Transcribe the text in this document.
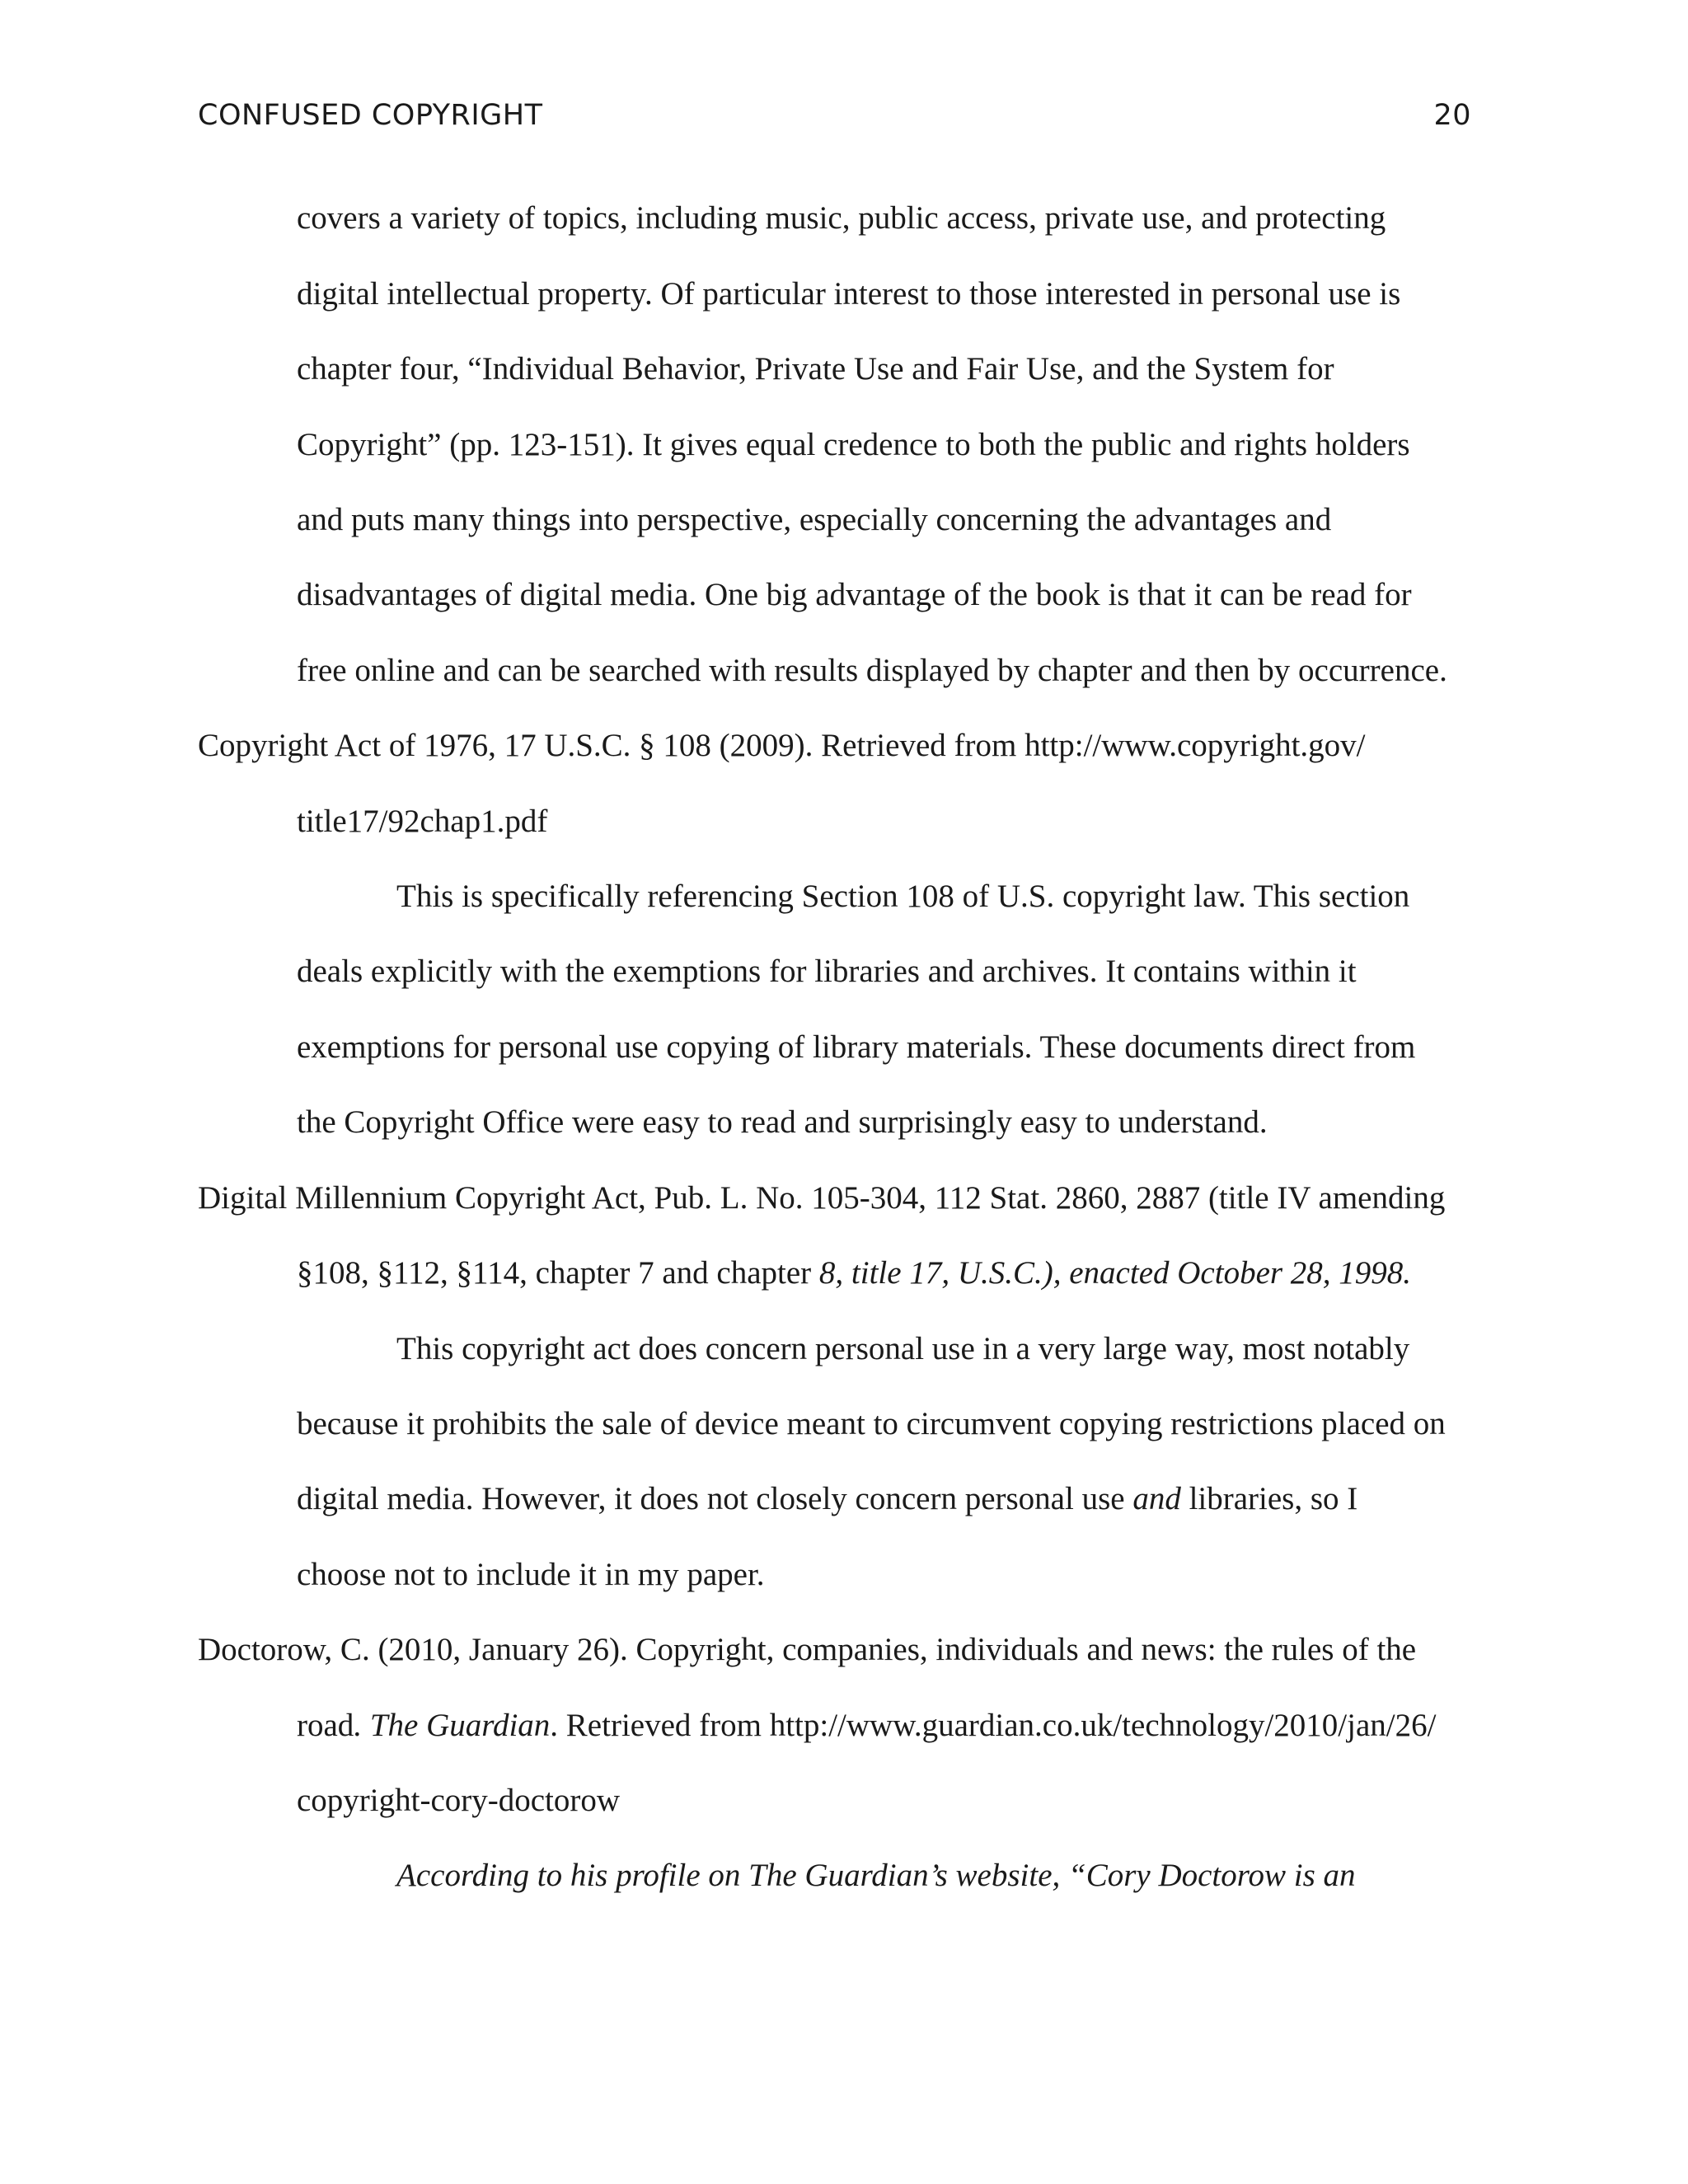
CONFUSED COPYRIGHT	20
covers a variety of topics, including music, public access, private use, and protecting
digital intellectual property. Of particular interest to those interested in personal use is
chapter four, “Individual Behavior, Private Use and Fair Use, and the System for
Copyright” (pp. 123-151). It gives equal credence to both the public and rights holders
and puts many things into perspective, especially concerning the advantages and
disadvantages of digital media. One big advantage of the book is that it can be read for
free online and can be searched with results displayed by chapter and then by occurrence.
Copyright Act of 1976, 17 U.S.C. § 108 (2009). Retrieved from http://www.copyright.gov/
title17/92chap1.pdf
This is specifically referencing Section 108 of U.S. copyright law. This section
deals explicitly with the exemptions for libraries and archives. It contains within it
exemptions for personal use copying of library materials. These documents direct from
the Copyright Office were easy to read and surprisingly easy to understand.
Digital Millennium Copyright Act, Pub. L. No. 105-304, 112 Stat. 2860, 2887 (title IV amending
§108, §112, §114, chapter 7 and chapter 8, title 17, U.S.C.), enacted October 28, 1998.
This copyright act does concern personal use in a very large way, most notably
because it prohibits the sale of device meant to circumvent copying restrictions placed on
digital media. However, it does not closely concern personal use and libraries, so I
choose not to include it in my paper.
Doctorow, C. (2010, January 26). Copyright, companies, individuals and news: the rules of the
road. The Guardian. Retrieved from http://www.guardian.co.uk/technology/2010/jan/26/
copyright-cory-doctorow
According to his profile on The Guardian’s website, “Cory Doctorow is an
